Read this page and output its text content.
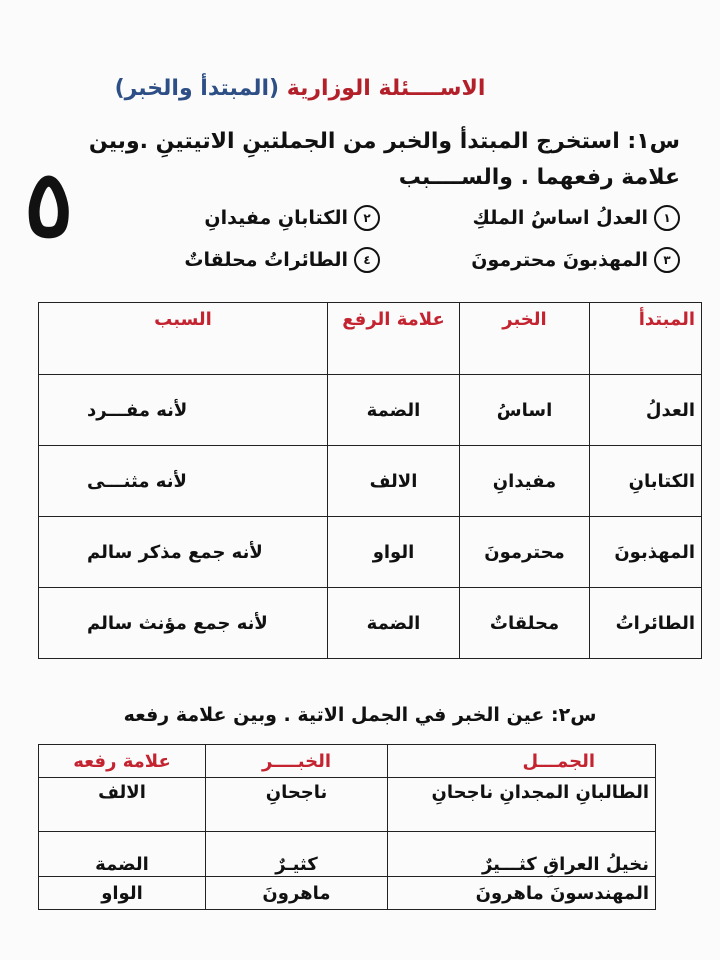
الاســــئلة الوزارية (المبتدأ والخبر)
س١: استخرج المبتدأ والخبر من الجملتينِ الاتيتينِ .وبين
علامة رفعهما . والســــبب
٥	١
العدلُ اساسُ الملكِ
٢
الكتابانِ مفيدانِ
٣
المهذبونَ محترمونَ
٤
الطائراتُ محلقاتٌ
المبتدأ	الخبر	علامة الرفع	السبب
العدلُ	اساسُ	الضمة	لأنه مفـــرد
الكتابانِ	مفيدانِ	الالف	لأنه مثنـــى
المهذبونَ	محترمونَ	الواو	لأنه جمع مذكر سالم
الطائراتُ	محلقاتٌ	الضمة	لأنه جمع مؤنث سالم
س٢: عين الخبر في الجمل الاتية . وبين علامة رفعه
الجمـــل	الخبــــر	علامة رفعه
الطالبانِ المجدانِ ناجحانِ	ناجحانِ	الالف
نخيلُ العراقِ كثـــيرٌ	كثيـرٌ	الضمة
المهندسونَ ماهرونَ	ماهرونَ	الواو
